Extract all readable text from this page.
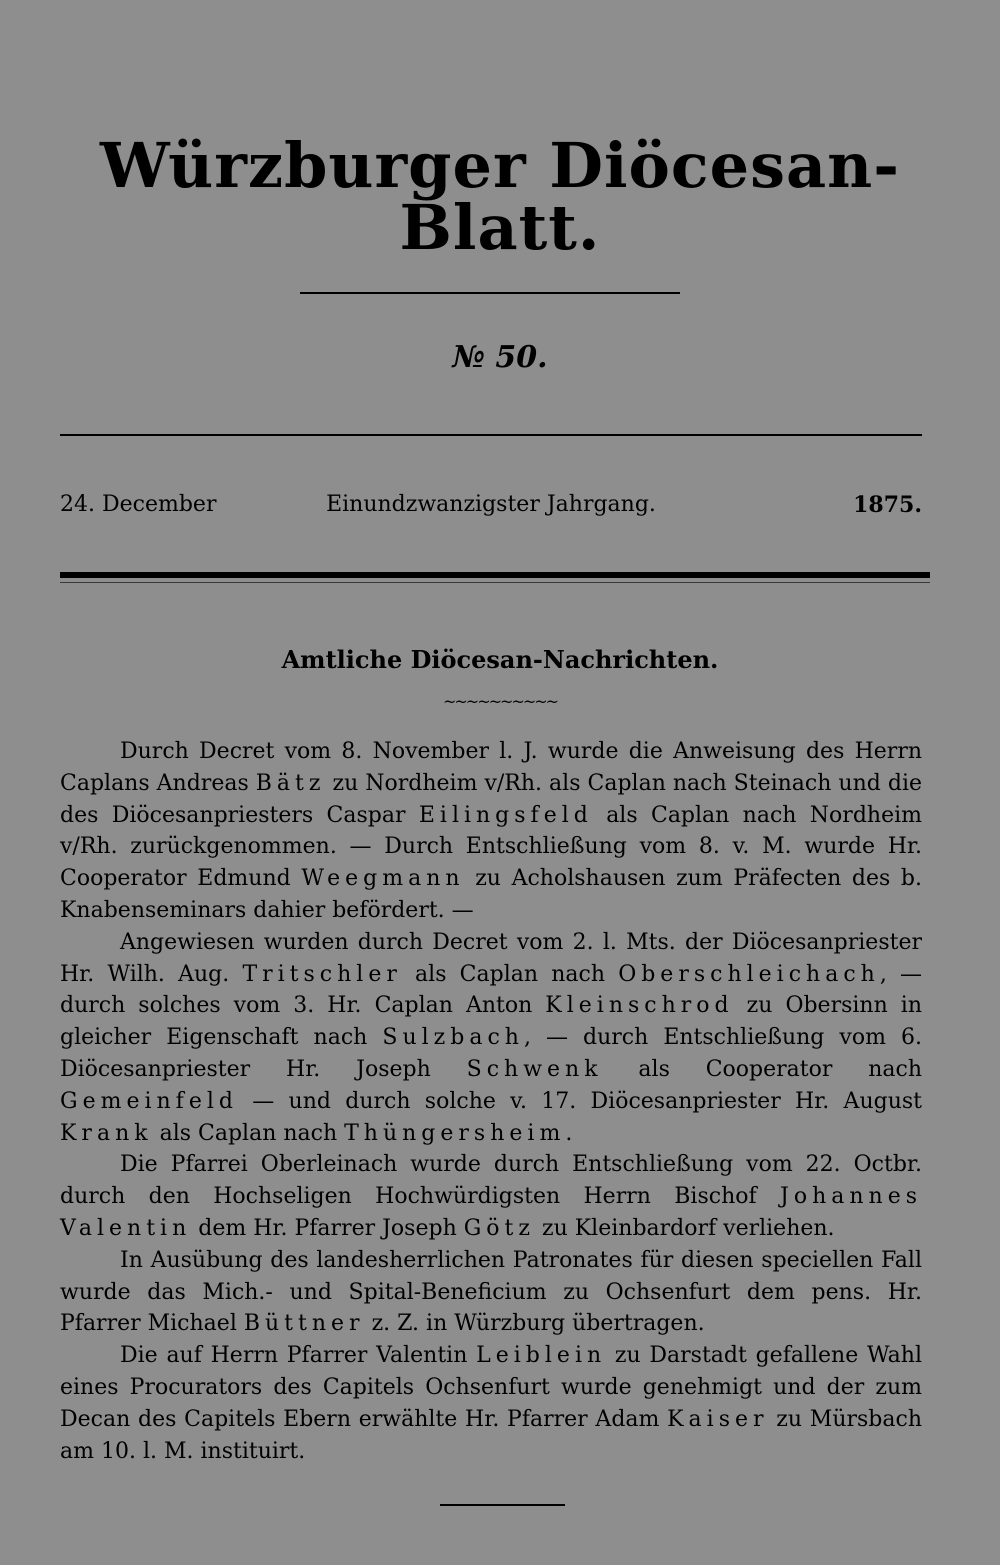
Würzburger Diöcesan-Blatt.
№ 50.
Einundzwanzigster Jahrgang.
24. December	1875.
Amtliche Diöcesan-Nachrichten.
~~~~~~~~~~

Durch Decret vom 8. November l. J. wurde die Anweisung des Herrn Caplans Andreas Bätz zu Nordheim v/Rh. als Caplan nach Steinach und die des Diöcesanpriesters Caspar Eilingsfeld als Caplan nach Nordheim v/Rh. zurückgenommen. — Durch Entschließung vom 8. v. M. wurde Hr. Cooperator Edmund Weegmann zu Acholshausen zum Präfecten des b. Knabenseminars dahier befördert. —

Angewiesen wurden durch Decret vom 2. l. Mts. der Diöcesanpriester Hr. Wilh. Aug. Tritschler als Caplan nach Oberschleichach, — durch solches vom 3. Hr. Caplan Anton Kleinschrod zu Obersinn in gleicher Eigenschaft nach Sulzbach, — durch Entschließung vom 6. Diöcesanpriester Hr. Joseph Schwenk als Cooperator nach Gemeinfeld — und durch solche v. 17. Diöcesanpriester Hr. August Krank als Caplan nach Thüngersheim.

Die Pfarrei Oberleinach wurde durch Entschließung vom 22. Octbr. durch den Hochseligen Hochwürdigsten Herrn Bischof Johannes Valentin dem Hr. Pfarrer Joseph Götz zu Kleinbardorf verliehen.

In Ausübung des landesherrlichen Patronates für diesen speciellen Fall wurde das Mich.- und Spital-Beneficium zu Ochsenfurt dem pens. Hr. Pfarrer Michael Büttner z. Z. in Würzburg übertragen.

Die auf Herrn Pfarrer Valentin Leiblein zu Darstadt gefallene Wahl eines Procurators des Capitels Ochsenfurt wurde genehmigt und der zum Decan des Capitels Ebern erwählte Hr. Pfarrer Adam Kaiser zu Mürsbach am 10. l. M. instituirt.
